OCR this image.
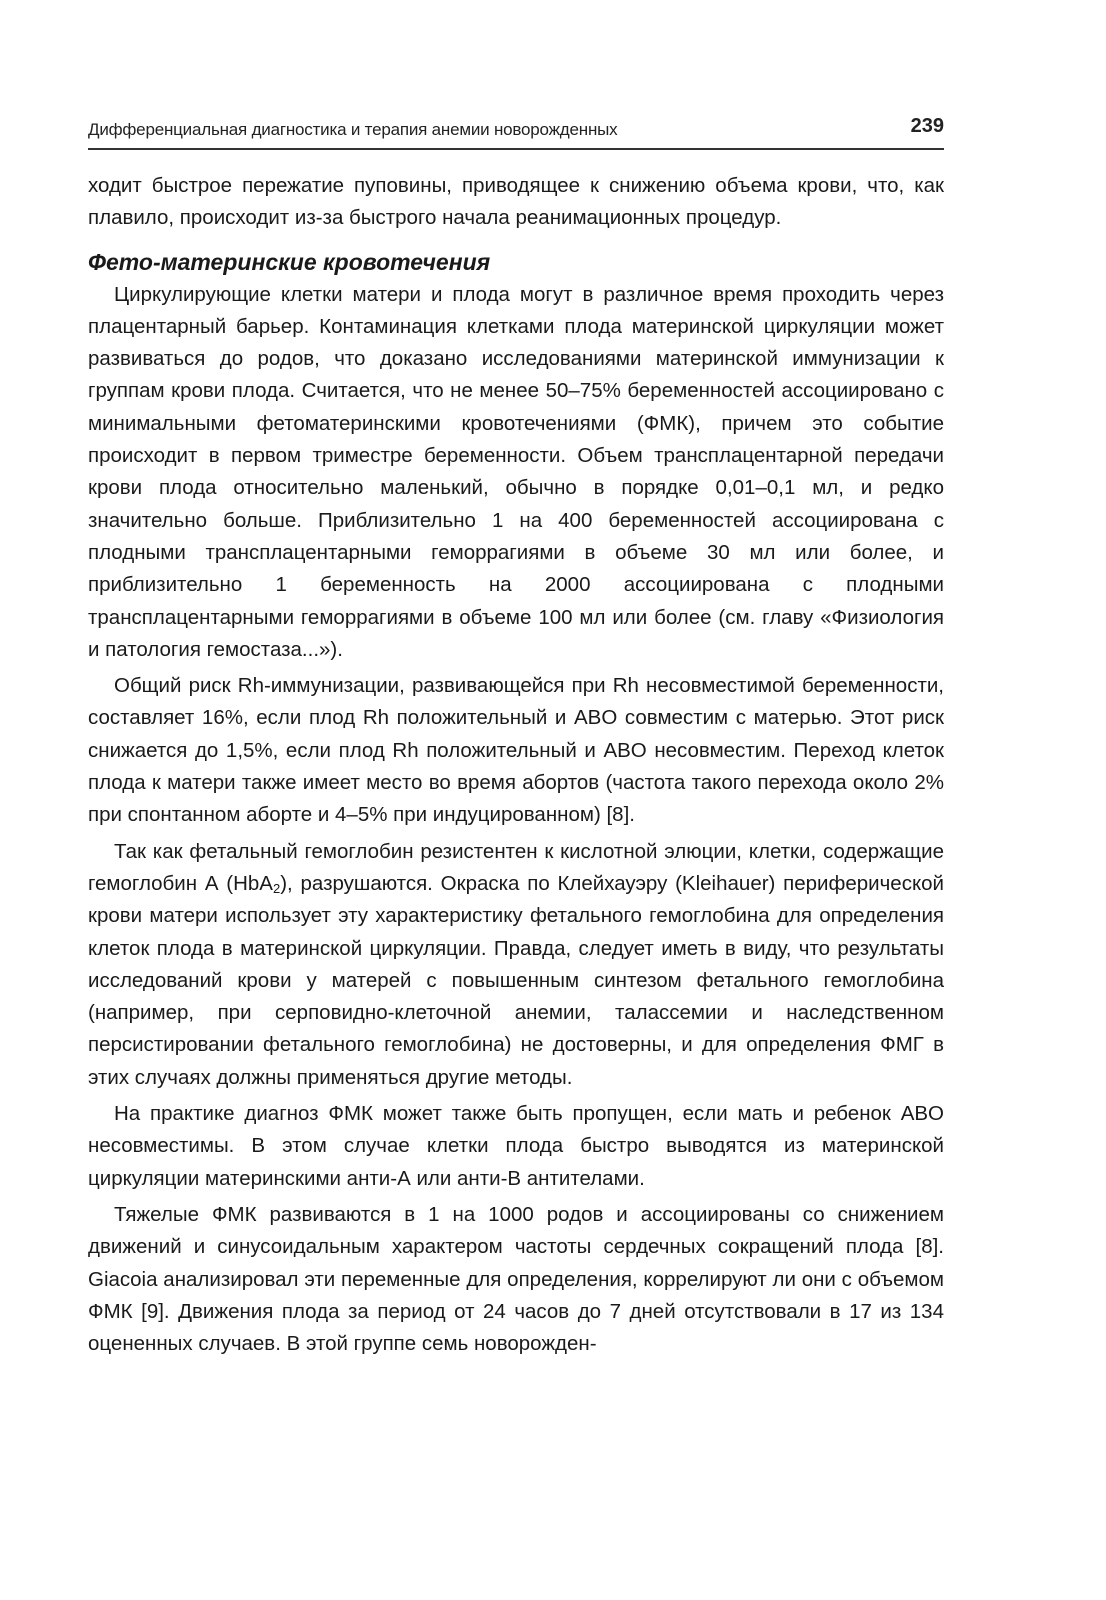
Дифференциальная диагностика и терапия анемии новорожденных	239

ходит быстрое пережатие пуповины, приводящее к снижению объема крови, что, как плавило, происходит из-за быстрого начала реанимационных процедур.

Фето-материнские кровотечения

Циркулирующие клетки матери и плода могут в различное время проходить через плацентарный барьер. Контаминация клетками плода материнской циркуляции может развиваться до родов, что доказано исследованиями материнской иммунизации к группам крови плода. Считается, что не менее 50–75% беременностей ассоциировано с минимальными фетоматеринскими кровотечениями (ФМК), причем это событие происходит в первом триместре беременности. Объем трансплацентарной передачи крови плода относительно маленький, обычно в порядке 0,01–0,1 мл, и редко значительно больше. Приблизительно 1 на 400 беременностей ассоциирована с плодными трансплацентарными геморрагиями в объеме 30 мл или более, и приблизительно 1 беременность на 2000 ассоциирована с плодными трансплацентарными геморрагиями в объеме 100 мл или более (см. главу «Физиология и патология гемостаза...»).

Общий риск Rh-иммунизации, развивающейся при Rh несовместимой беременности, составляет 16%, если плод Rh положительный и ABO совместим с матерью. Этот риск снижается до 1,5%, если плод Rh положительный и ABO несовместим. Переход клеток плода к матери также имеет место во время абортов (частота такого перехода около 2% при спонтанном аборте и 4–5% при индуцированном) [8].

Так как фетальный гемоглобин резистентен к кислотной элюции, клетки, содержащие гемоглобин А (HbA$_2$), разрушаются. Окраска по Клейхауэру (Kleihauer) периферической крови матери использует эту характеристику фетального гемоглобина для определения клеток плода в материнской циркуляции. Правда, следует иметь в виду, что результаты исследований крови у матерей с повышенным синтезом фетального гемоглобина (например, при серповидно-клеточной анемии, талассемии и наследственном персистировании фетального гемоглобина) не достоверны, и для определения ФМГ в этих случаях должны применяться другие методы.

На практике диагноз ФМК может также быть пропущен, если мать и ребенок ABO несовместимы. В этом случае клетки плода быстро выводятся из материнской циркуляции материнскими анти-А или анти-В антителами.

Тяжелые ФМК развиваются в 1 на 1000 родов и ассоциированы со снижением движений и синусоидальным характером частоты сердечных сокращений плода [8]. Giacoia анализировал эти переменные для определения, коррелируют ли они с объемом ФМК [9]. Движения плода за период от 24 часов до 7 дней отсутствовали в 17 из 134 оцененных случаев. В этой группе семь новорожден-
